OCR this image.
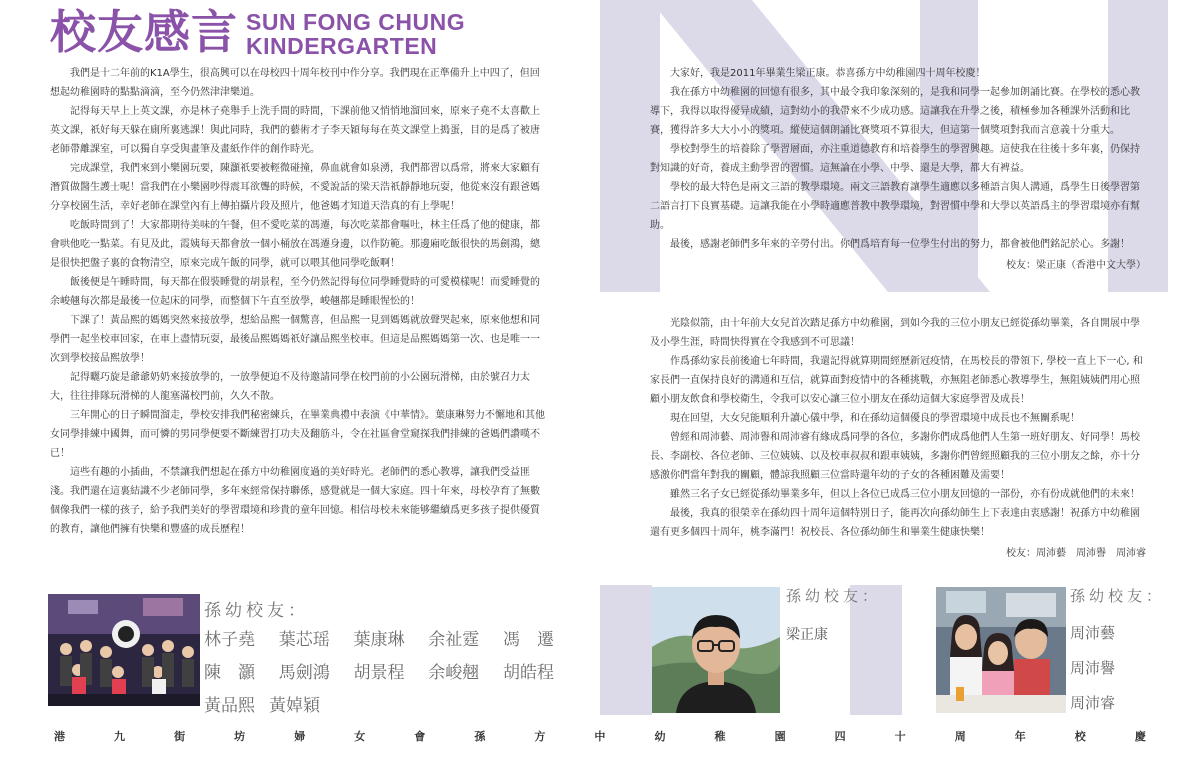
校友感言 SUN FONG CHUNG
KINDERGARTEN

我們是十二年前的K1A學生，很高興可以在母校四十周年校刊中作分享。我們現在正準備升上中四了，但回想起幼稚園時的點點滴滴，至今仍然津津樂道。

記得每天早上上英文課，亦是林子堯舉手上洗手間的時間，下課前他又悄悄地溜回來，原來子堯不太喜歡上英文課，祇好每天躲在廁所裏逃課！與此同時，我們的藝術才子李天穎每每在英文課堂上搗蛋，目的是爲了被唐老師帶離課室，可以獨自享受與畫筆及畫紙作伴的創作時光。

完成課堂，我們來到小樂園玩要，陳灝祇要被輕微碰撞，鼻血就會如泉湧，我們都習以爲常，將來大家顧有潛質做醫生護士呢！當我們在小樂園吵得震耳欲聾的時候，不愛說話的梁天浩祇靜靜地玩耍，他從來沒有跟爸媽分享校園生活，幸好老師在課堂內有上傳拍攝片段及照片，他爸媽才知道天浩真的有上學呢！

吃飯時間到了！大家都期待美味的午餐，但不愛吃菜的馮遷，每次吃菜都會嘔吐，林主任爲了他的健康，都會哄他吃一點菜。有見及此，霞姨每天都會放一個小桶放在馮遷身邊，以作防範。那邊廂吃飯很快的馬劍鴻，總是很快把盤子裏的食物清空，原來完成午飯的同學，就可以喂其他同學吃飯啊！

飯後便是午睡時間，每天都在假裝睡覺的胡景程，至今仍然記得每位同學睡覺時的可愛模樣呢！而愛睡覺的余峻翹每次都是最後一位起床的同學，而整個下午直至放學，峻翹都是睡眼惺忪的！

下課了！黃品熙的媽媽突然來接放學，想給品熙一個驚喜，但品熙一見到媽媽就放聲哭起來，原來他想和同學們一起坐校車回家，在車上盡情玩耍，最後品熙媽媽祇好讓品熙坐校車。但這是品熙媽媽第一次、也是唯一一次到學校接品熙放學！

記得曬巧旋是爺爺奶奶來接放學的，一放學便迫不及待邀請同學在校門前的小公園玩滑梯，由於號召力太大，往往排隊玩滑梯的人龍塞滿校門前，久久不散。

三年開心的日子瞬間溜走，學校安排我們秘密練兵，在畢業典禮中表演《中華情》。葉康琳努力不懈地和其他女同學排練中國舞，而可憐的男同學便要不斷練習打功夫及翻筋斗，令在社區會堂窺探我們排練的爸媽們讚嘆不已！

這些有趣的小插曲，不禁讓我們想起在孫方中幼稚園度過的美好時光。老師們的悉心教導，讓我們受益匪淺。我們還在這裏結識不少老師同學，多年來經常保持聯係，感覺就是一個大家庭。四十年來，母校孕育了無數個像我們一樣的孩子，給予我們美好的學習環境和珍貴的童年回憶。相信母校未來能够繼續爲更多孩子提供優質的教育，讓他們擁有快樂和豐盛的成長歷程！

大家好，我是2011年畢業生梁正康。恭喜孫方中幼稚園四十周年校慶！

我在孫方中幼稚園的回憶有很多，其中最令我印象深刻的，是我和同學一起參加朗誦比賽。在學校的悉心教導下，我得以取得優异成績，這對幼小的我帶來不少成功感。這讓我在升學之後，積極參加各種課外活動和比賽，獲得許多大大小小的獎項。縱使這個朗誦比賽獎項不算很大，但這第一個獎項對我而言意義十分重大。

學校對學生的培養除了學習層面，亦注重道德教育和培養學生的學習興趣。這使我在往後十多年裏，仍保持對知識的好奇，養成主動學習的習慣。這無論在小學、中學、還是大學，都大有裨益。

學校的最大特色是兩文三語的教學環境。兩文三語教育讓學生適應以多種語言與人溝通，爲學生日後學習第二語言打下良實基礎。這讓我能在小學時適應普教中教學環境，對習慣中學和大學以英語爲主的學習環境亦有幫助。

最後，感謝老師們多年來的辛勞付出。你們爲培育每一位學生付出的努力，都會被他們銘記於心。多謝！

校友：梁正康（香港中文大學）

光陰似箭，由十年前大女兒首次踏足孫方中幼稚園，到如今我的三位小朋友已經從孫幼畢業，各自開展中學及小學生涯，時間快得實在令我感到不可思議！

作爲孫幼家長前後逾七年時間，我還記得就算期間經歷新冠疫情，在馬校長的帶領下, 學校一直上下一心, 和家長們一直保持良好的溝通和互信，就算面對疫情中的各種挑戰，亦無阻老師悉心教導學生，無阻姨姨們用心照顧小朋友飲食和學校衛生，令我可以安心讓三位小朋友在孫幼這個大家庭學習及成長！

現在回望，大女兒能順利升讀心儀中學，和在孫幼這個優良的學習環境中成長也不無關系呢！

曾經和周沛藝、周沛譽和周沛睿有緣成爲同學的各位，多謝你們成爲他們人生第一班好朋友、好同學！馬校長、李副校、各位老師、三位姨姨、以及校車叔叔和跟車姨姨，多謝你們曾經照顧我的三位小朋友之餘，亦十分感激你們當年對我的關顧，體諒我照顧三位當時還年幼的子女的各種困難及需要！

雖然三名子女已經從孫幼畢業多年，但以上各位已成爲三位小朋友回憶的一部份，亦有份成就他們的未來！

最後，我真的很榮幸在孫幼四十周年這個特別日子，能再次向孫幼師生上下表達由衷感謝！祝孫方中幼稚園還有更多個四十周年，桃李滿門！祝校長、各位孫幼師生和畢業生健康快樂！

校友：周沛藝　周沛譽　周沛睿

孫幼校友：
林子堯 葉芯瑶 葉康琳 余祉霆 馮　遷
陳　灝 馬劍鴻 胡景程 余峻翹 胡皓程
黃品熙 黃婥穎
孫幼校友：
梁正康
孫幼校友：
周沛藝
周沛譽
周沛睿
港	九	街	坊	婦	女	會	孫	方	中	幼	稚	園	四	十	周	年	校	慶
